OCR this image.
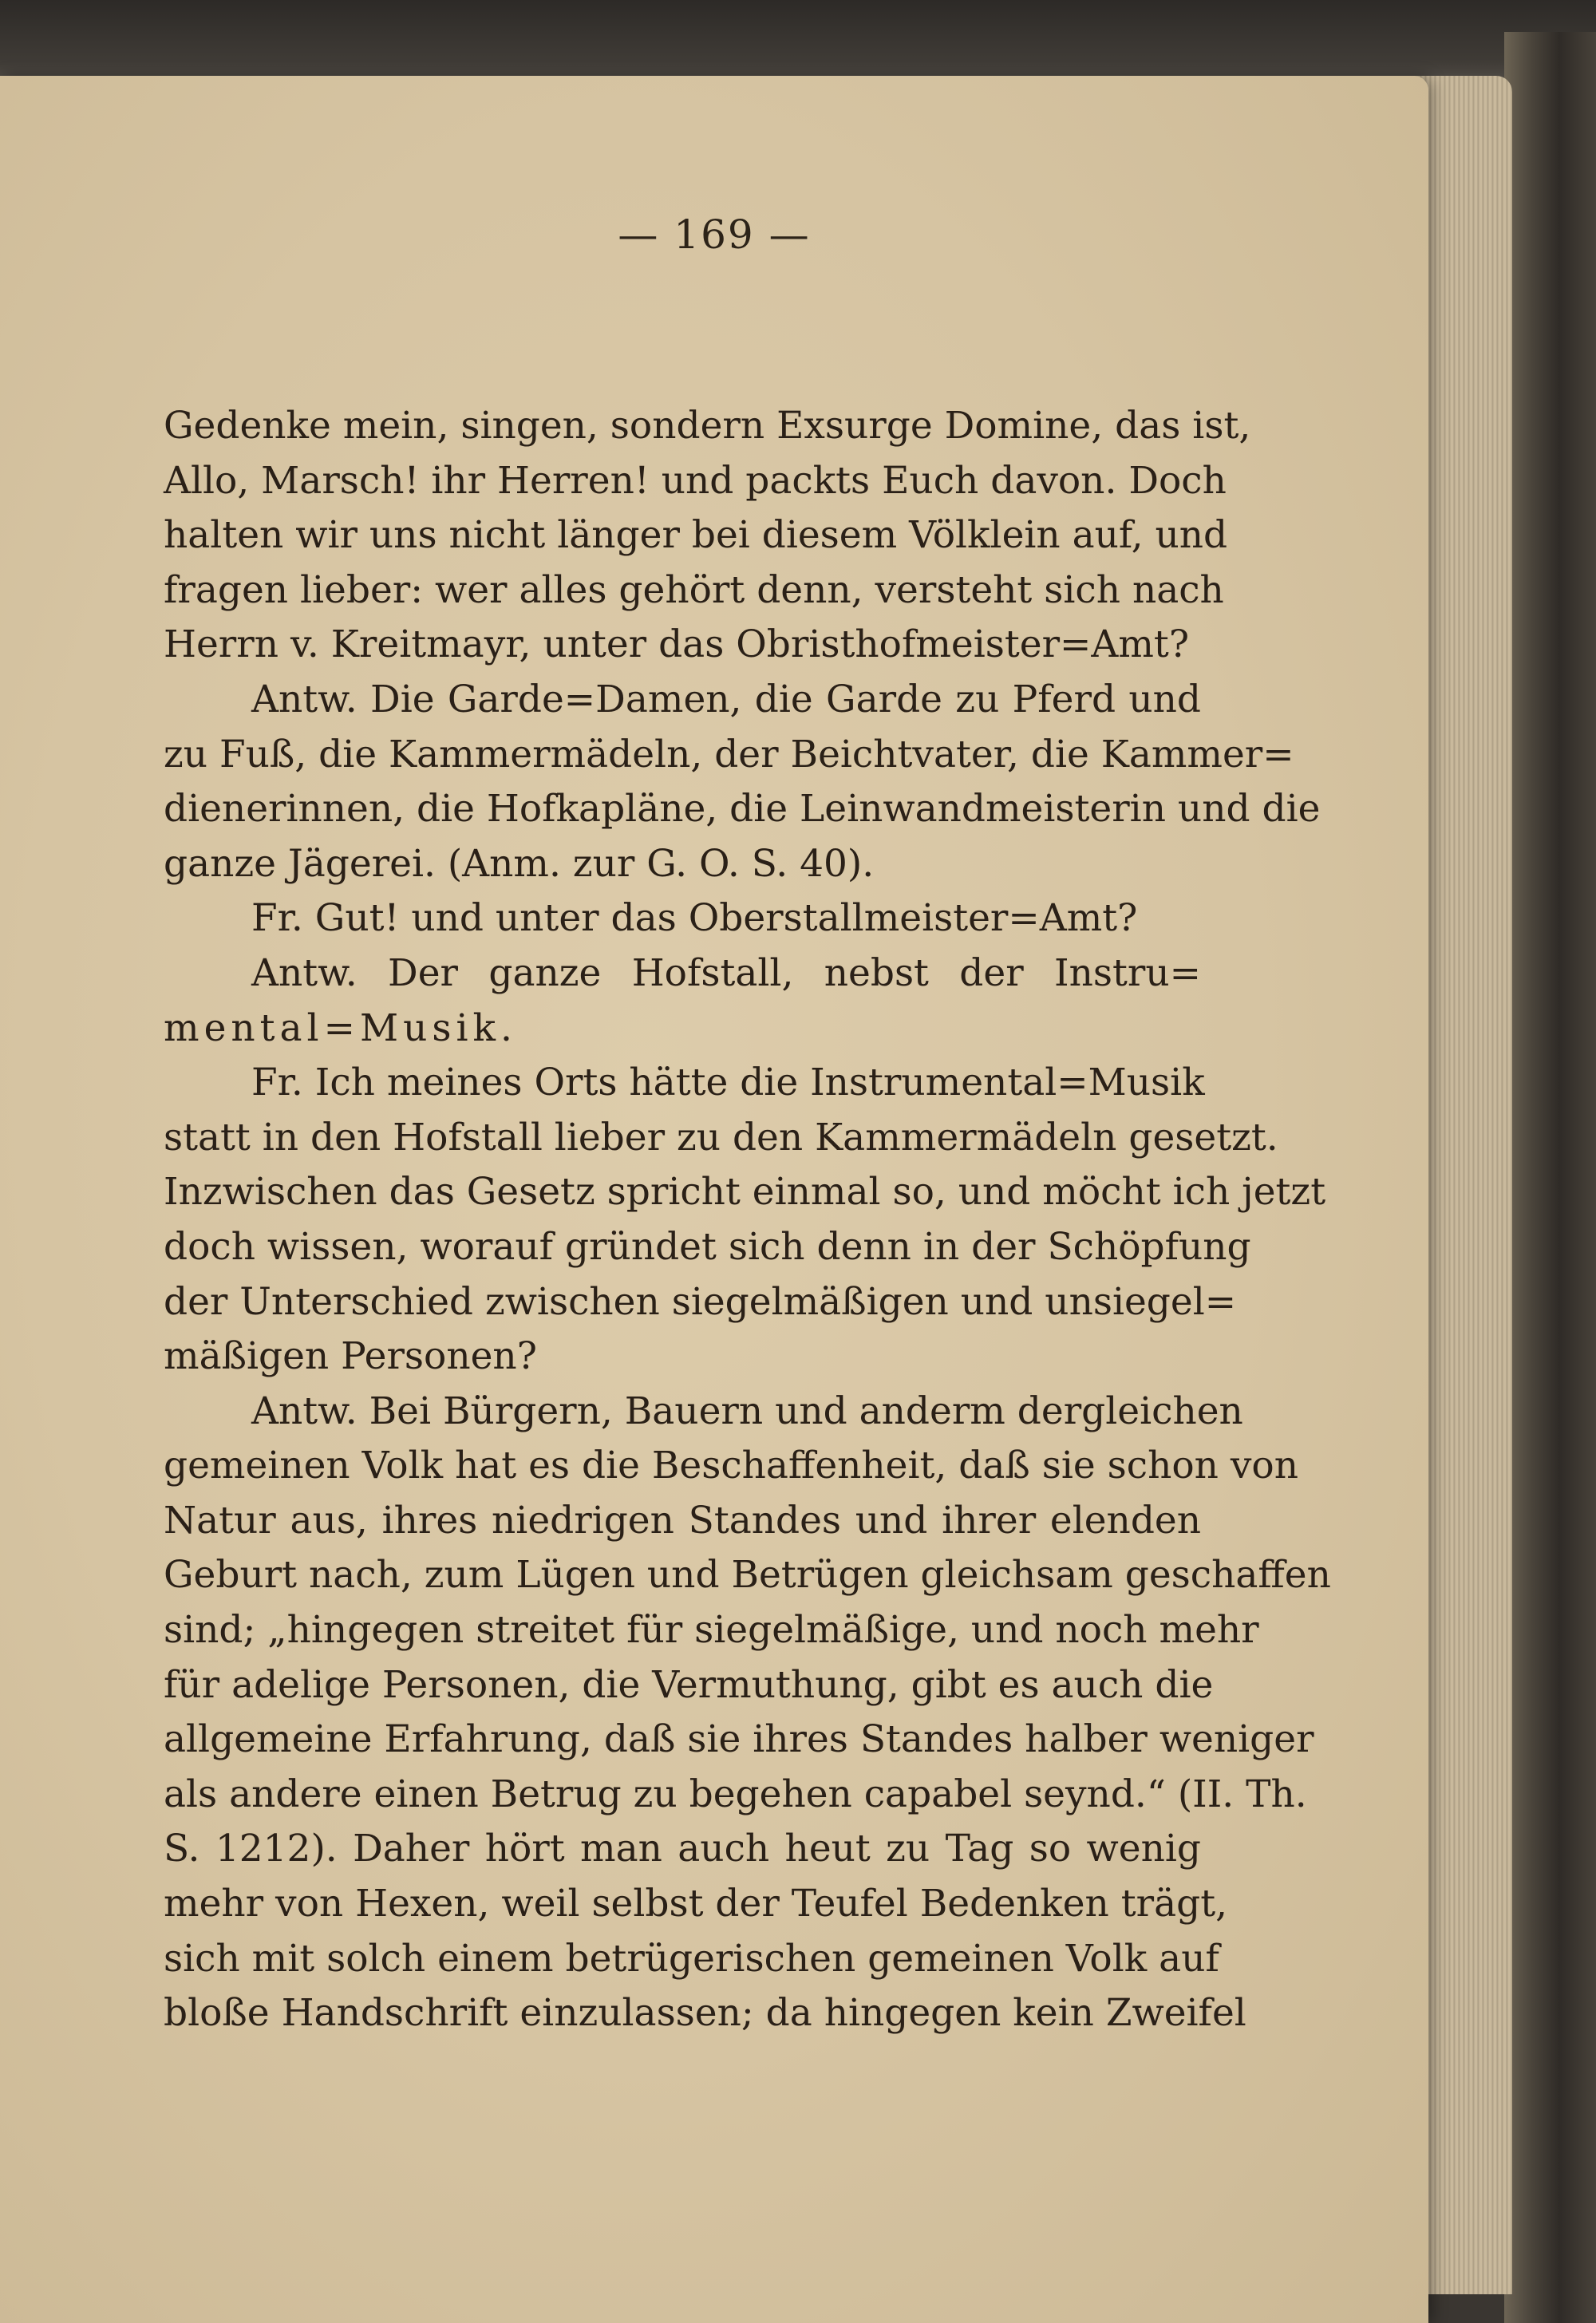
— 169 —
Gedenke mein, singen, sondern Exsurge Domine, das ist,
Allo, Marsch! ihr Herren! und packts Euch davon. Doch
halten wir uns nicht länger bei diesem Völklein auf, und
fragen lieber: wer alles gehört denn, versteht sich nach
Herrn v. Kreitmayr, unter das Obristhofmeister=Amt?
Antw. Die Garde=Damen, die Garde zu Pferd und
zu Fuß, die Kammermädeln, der Beichtvater, die Kammer=
dienerinnen, die Hofkapläne, die Leinwandmeisterin und die
ganze Jägerei. (Anm. zur G. O. S. 40).
Fr. Gut! und unter das Oberstallmeister=Amt?
Antw. Der ganze Hofstall, nebst der Instru=
mental=Musik.
Fr. Ich meines Orts hätte die Instrumental=Musik
statt in den Hofstall lieber zu den Kammermädeln gesetzt.
Inzwischen das Gesetz spricht einmal so, und möcht ich jetzt
doch wissen, worauf gründet sich denn in der Schöpfung
der Unterschied zwischen siegelmäßigen und unsiegel=
mäßigen Personen?
Antw. Bei Bürgern, Bauern und anderm dergleichen
gemeinen Volk hat es die Beschaffenheit, daß sie schon von
Natur aus, ihres niedrigen Standes und ihrer elenden
Geburt nach, zum Lügen und Betrügen gleichsam geschaffen
sind; „hingegen streitet für siegelmäßige, und noch mehr
für adelige Personen, die Vermuthung, gibt es auch die
allgemeine Erfahrung, daß sie ihres Standes halber weniger
als andere einen Betrug zu begehen capabel seynd.“ (II. Th.
S. 1212). Daher hört man auch heut zu Tag so wenig
mehr von Hexen, weil selbst der Teufel Bedenken trägt,
sich mit solch einem betrügerischen gemeinen Volk auf
bloße Handschrift einzulassen; da hingegen kein Zweifel
